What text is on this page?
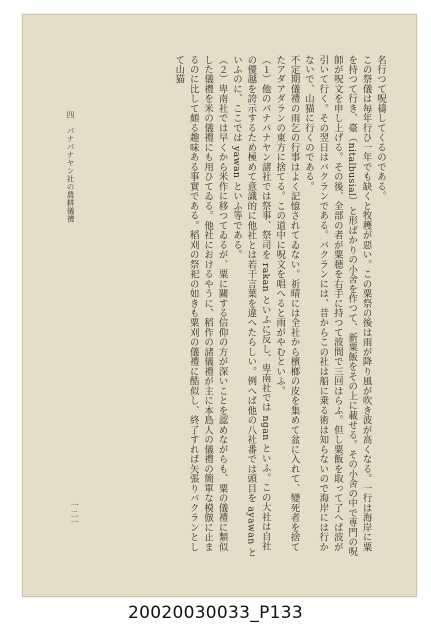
名行つて呪禱してくるのである。

この祭儀は毎年行ひ一年でも缺くと牧穫が惡い。この粟祭の後は雨が降り風が吹き波が高くなる。一行は海岸に粟を持つて行き、臺（nitalbusial）と形ばかりの小舍を作つて、新粟飯をその上に載せる。その小舍の中で専門の呪師が呪文を申し上げる。その後、全部の者が粟穂を右手に持つて波間で三回はらふ。但し粟飯を取って了へば波が引いて行く。その翌日はバクランである。バクランには、昔からこの社は船に乗る術は知らないので海岸には行かないで、山猫に行くのである。

不定期儀禮の雨乞の行事はよく記憶されてゐない。祈晴には全社から檳榔の皮を集めて盆に入れて、變死者を捨てたアダアダランの東方に捨てる。この道中に呪文を唱へると雨がやむといふ。

（１）他のパナパナヤン諸社では祭事、祭司を rakan といふに反し、卑南社では ngan といふ。この大社は自社の優越を誇示するため極めて意識的に他社とは若干言葉を違へたらしい。例へば他の八社番では頭目を ayawan といふのに、ここでは yawan といふ等である。

（２）卑南社では早くから米作に移つてゐるが、粟に關する信仰の方が深いことを認めながらも、粟の儀禮に類似した儀禮を米の儀禮にも用ひてゐる。他社におけるやうに、稻作の諸儀禮が主に本島人の儀禮の簡單な模倣に止まるのに比して頗る趣味ある事實である。稻刈の祭祀の如きも粟刈の儀禮に酷似し、終了すれば矢張りバクランとして山猫

四　パナパナヤン社の農耕儀禮
一二一
20020030033_P133
